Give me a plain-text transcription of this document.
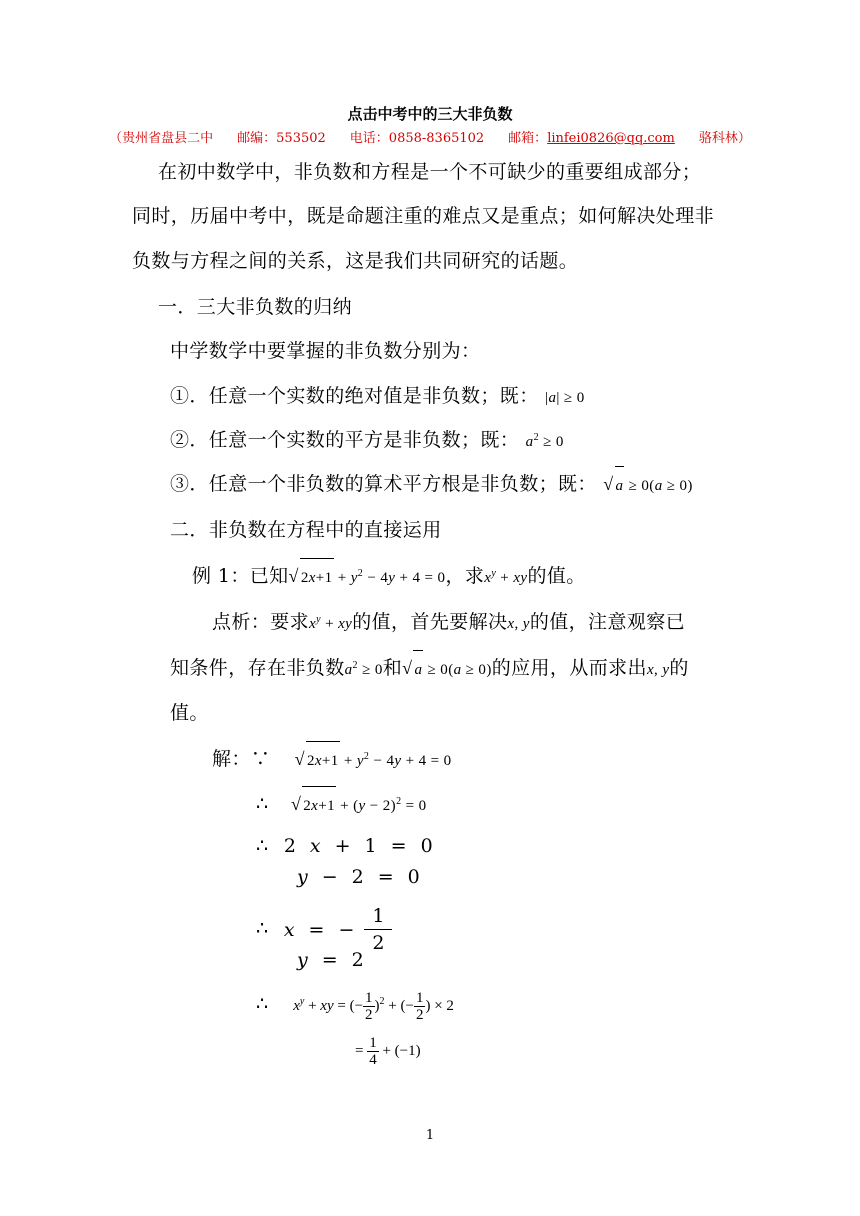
点击中考中的三大非负数
（贵州省盘县二中 邮编：553502 电话：0858-8365102 邮箱：linfei0826@qq.com 骆科林）
在初中数学中，非负数和方程是一个不可缺少的重要组成部分；
同时，历届中考中，既是命题注重的难点又是重点；如何解决处理非
负数与方程之间的关系，这是我们共同研究的话题。
一．三大非负数的归纳
中学数学中要掌握的非负数分别为：
①．任意一个实数的绝对值是非负数；既： |a| ≥ 0
②．任意一个实数的平方是非负数；既： $a^2 \ge 0$
③．任意一个非负数的算术平方根是非负数；既： √ a ≥ 0(a ≥ 0)
二．非负数在方程中的直接运用
例 1：已知√ $2x+1 + y^2 - 4y + 4 = 0$，求$x^y$ + xy的值。
点析：要求$x^y$ + xy的值，首先要解决x, y的值，注意观察已
知条件，存在非负数$a^2 \ge 0$和√ a ≥ 0(a ≥ 0)的应用，从而求出x, y的
值。
解：∵ √ $2x+1 + y^2 - 4y + 4 = 0$
∴ √ $2x+1 + (y - 2)^2 = 0$
∴ 2x+1=0
y−2=0
∴ x=−
$\frac{1}{2}$
y=2
∴ $x^y$ + xy = (− $\frac{1}{2} )^2$ + (− $\frac{1}{2}$ ) × 2
= $\frac{1}{4} + (-1)$
1
